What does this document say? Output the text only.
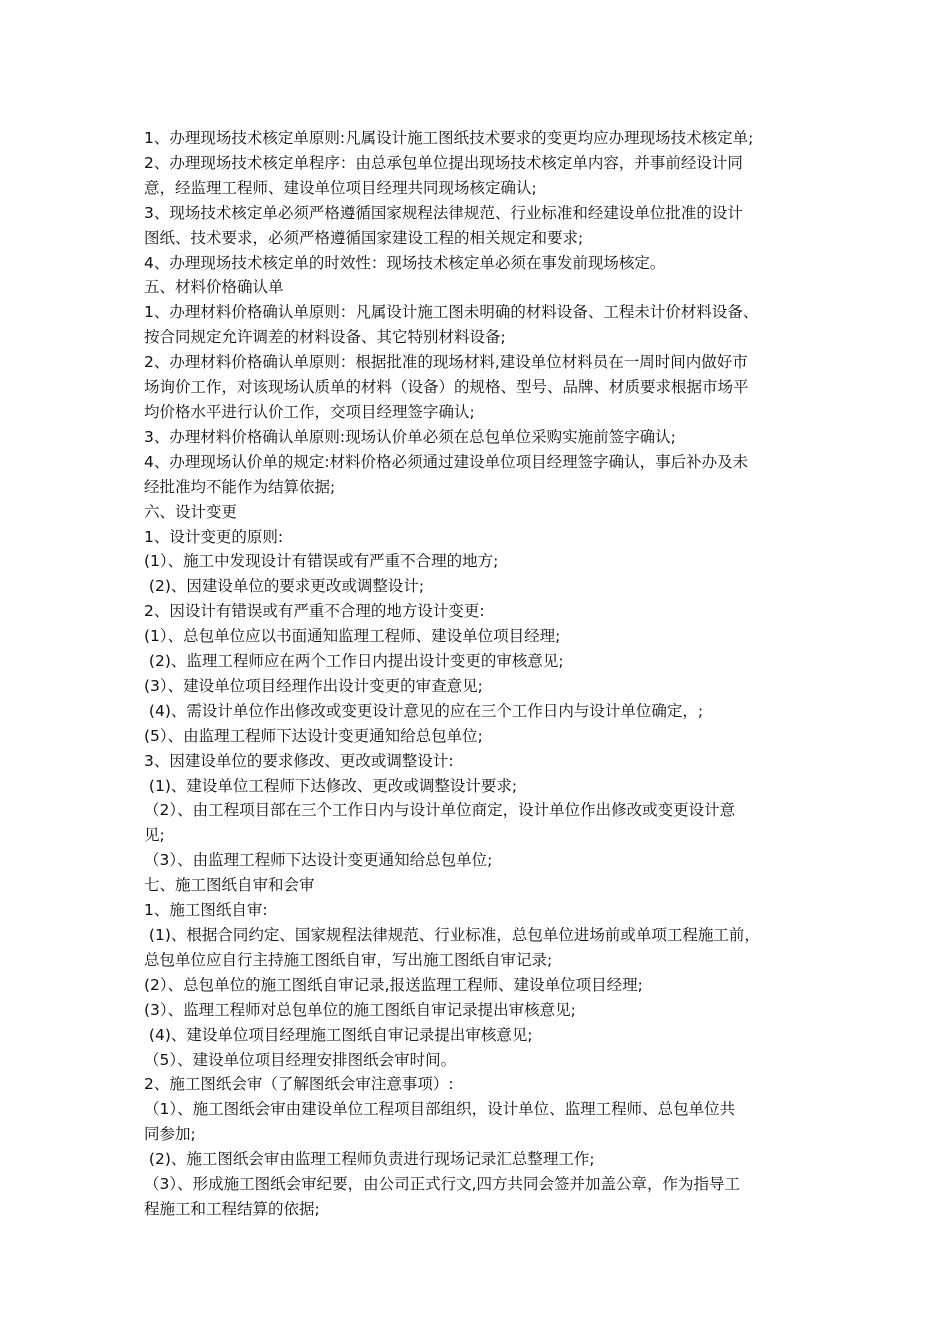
1、办理现场技术核定单原则:凡属设计施工图纸技术要求的变更均应办理现场技术核定单;
2、办理现场技术核定单程序：由总承包单位提出现场技术核定单内容，并事前经设计同
意，经监理工程师、建设单位项目经理共同现场核定确认;
3、现场技术核定单必须严格遵循国家规程法律规范、行业标准和经建设单位批准的设计
图纸、技术要求，必须严格遵循国家建设工程的相关规定和要求;
4、办理现场技术核定单的时效性：现场技术核定单必须在事发前现场核定。
五、材料价格确认单
1、办理材料价格确认单原则：凡属设计施工图未明确的材料设备、工程未计价材料设备、
按合同规定允许调差的材料设备、其它特别材料设备;
2、办理材料价格确认单原则：根据批准的现场材料,建设单位材料员在一周时间内做好市
场询价工作，对该现场认质单的材料（设备）的规格、型号、品牌、材质要求根据市场平
均价格水平进行认价工作，交项目经理签字确认;
3、办理材料价格确认单原则:现场认价单必须在总包单位采购实施前签字确认;
4、办理现场认价单的规定:材料价格必须通过建设单位项目经理签字确认，事后补办及未
经批准均不能作为结算依据;
六、设计变更
1、设计变更的原则:
(1）、施工中发现设计有错误或有严重不合理的地方;
(2)、因建设单位的要求更改或调整设计;
2、因设计有错误或有严重不合理的地方设计变更:
(1）、总包单位应以书面通知监理工程师、建设单位项目经理;
(2)、监理工程师应在两个工作日内提出设计变更的审核意见;
(3）、建设单位项目经理作出设计变更的审查意见;
(4)、需设计单位作出修改或变更设计意见的应在三个工作日内与设计单位确定，;
(5）、由监理工程师下达设计变更通知给总包单位;
3、因建设单位的要求修改、更改或调整设计:
(1)、建设单位工程师下达修改、更改或调整设计要求;
（2）、由工程项目部在三个工作日内与设计单位商定，设计单位作出修改或变更设计意
见;
（3）、由监理工程师下达设计变更通知给总包单位;
七、施工图纸自审和会审
1、施工图纸自审:
(1)、根据合同约定、国家规程法律规范、行业标准，总包单位进场前或单项工程施工前，
总包单位应自行主持施工图纸自审，写出施工图纸自审记录;
(2）、总包单位的施工图纸自审记录,报送监理工程师、建设单位项目经理;
(3）、监理工程师对总包单位的施工图纸自审记录提出审核意见;
(4)、建设单位项目经理施工图纸自审记录提出审核意见;
（5）、建设单位项目经理安排图纸会审时间。
2、施工图纸会审（了解图纸会审注意事项）:
（1）、施工图纸会审由建设单位工程项目部组织，设计单位、监理工程师、总包单位共
同参加;
(2)、施工图纸会审由监理工程师负责进行现场记录汇总整理工作;
（3）、形成施工图纸会审纪要，由公司正式行文,四方共同会签并加盖公章，作为指导工
程施工和工程结算的依据;
